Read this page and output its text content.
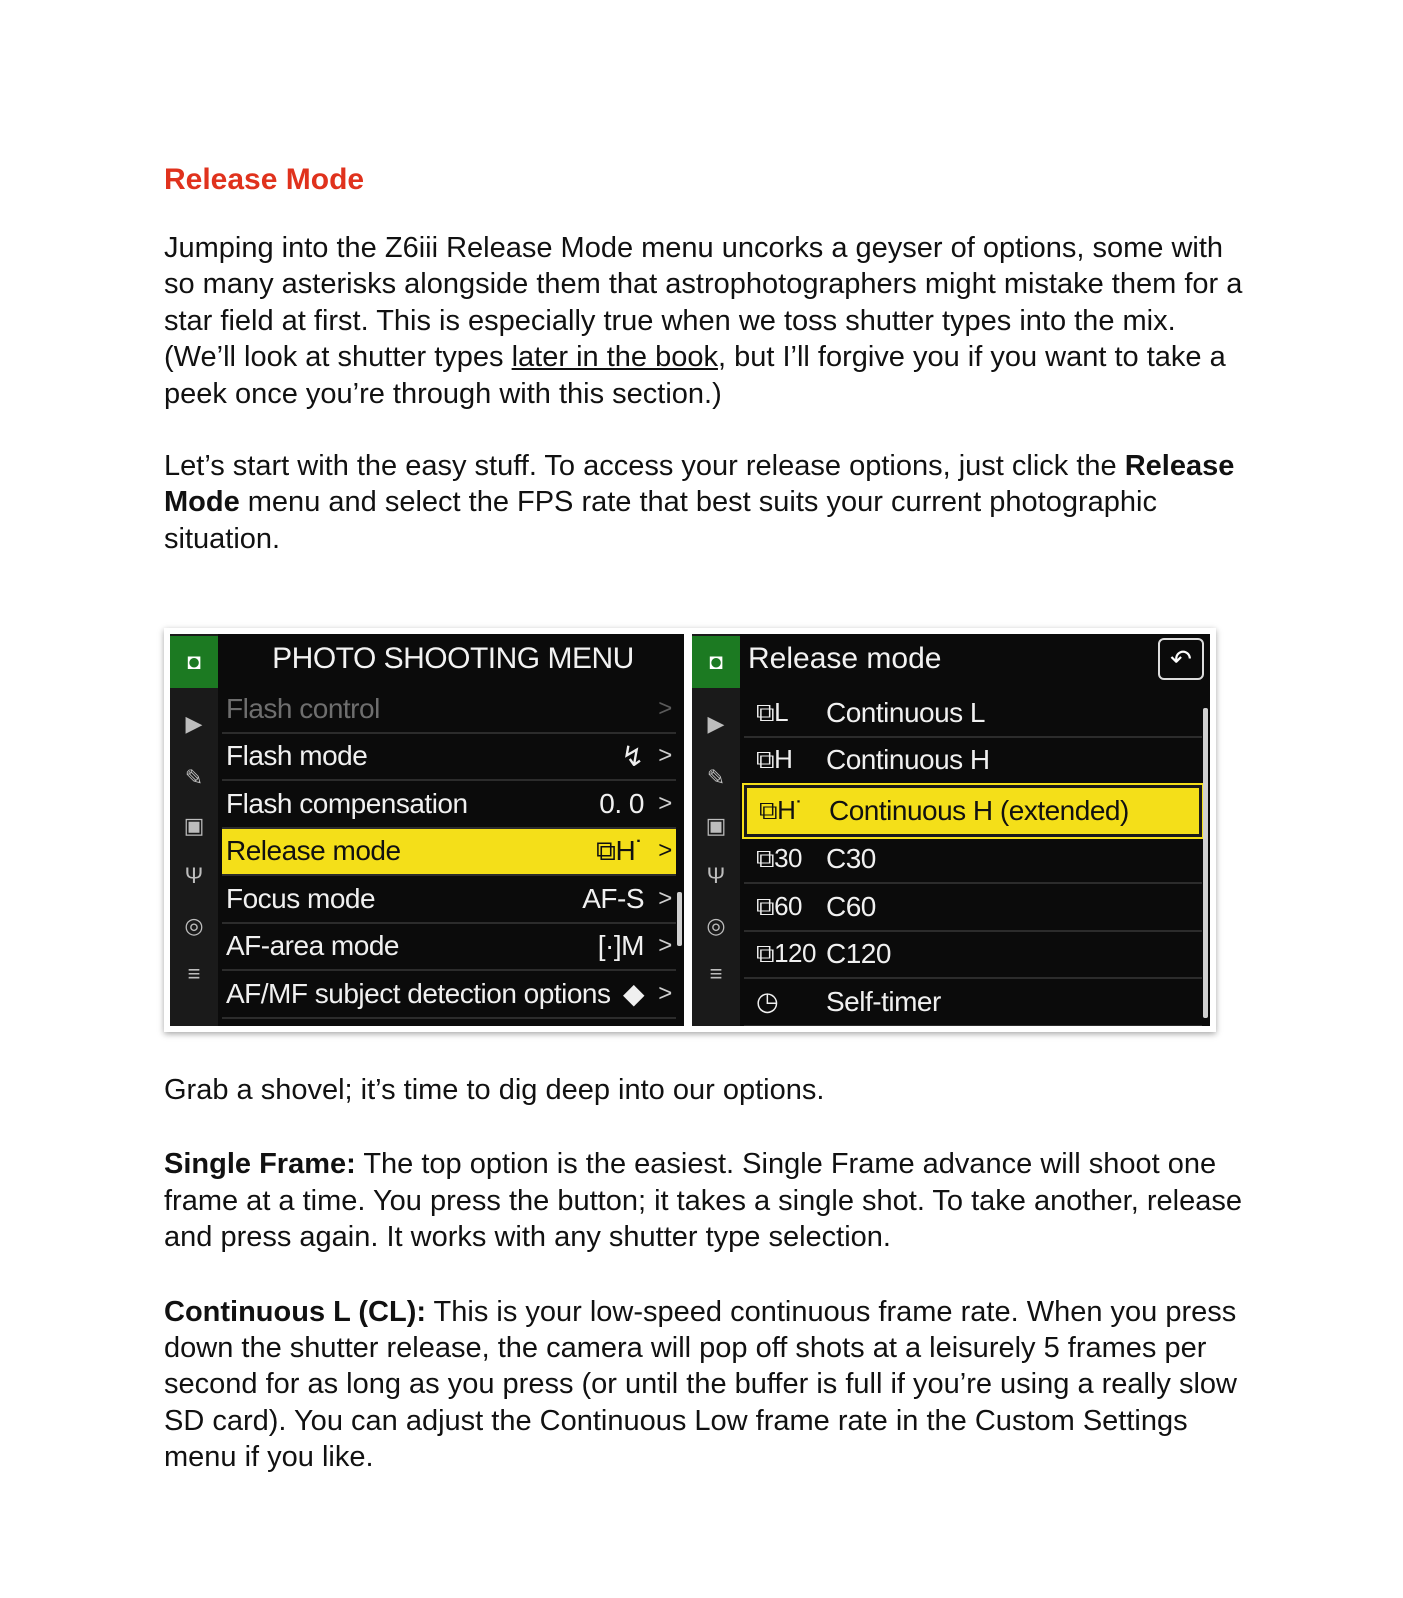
Release Mode

Jumping into the Z6iii Release Mode menu uncorks a geyser of options, some with so many asterisks alongside them that astrophotographers might mistake them for a star field at first. This is especially true when we toss shutter types into the mix. (We’ll look at shutter types later in the book, but I’ll forgive you if you want to take a peek once you’re through with this section.)

Let’s start with the easy stuff. To access your release options, just click the Release Mode menu and select the FPS rate that best suits your current photographic situation.

◘
▶
✎
▣
Ψ
◎
≡
PHOTO SHOOTING MENU
Flash control	>
Flash mode	↯ >
Flash compensation	0. 0 >
Release mode	⧉H˙ >
Focus mode	AF-S >
AF-area mode	[·]M >
AF/MF subject detection options ◆ >
◘
▶
✎
▣
Ψ
◎
≡
Release mode	↶
⧉L	Continuous L
⧉H	Continuous H
⧉H˙ Continuous H (extended)
⧉30 C30
⧉60 C60
⧉120 C120
◷	Self-timer

Grab a shovel; it’s time to dig deep into our options.

Single Frame: The top option is the easiest. Single Frame advance will shoot one frame at a time. You press the button; it takes a single shot. To take another, release and press again. It works with any shutter type selection.

Continuous L (CL): This is your low-speed continuous frame rate. When you press down the shutter release, the camera will pop off shots at a leisurely 5 frames per second for as long as you press (or until the buffer is full if you’re using a really slow SD card). You can adjust the Continuous Low frame rate in the Custom Settings menu if you like.
